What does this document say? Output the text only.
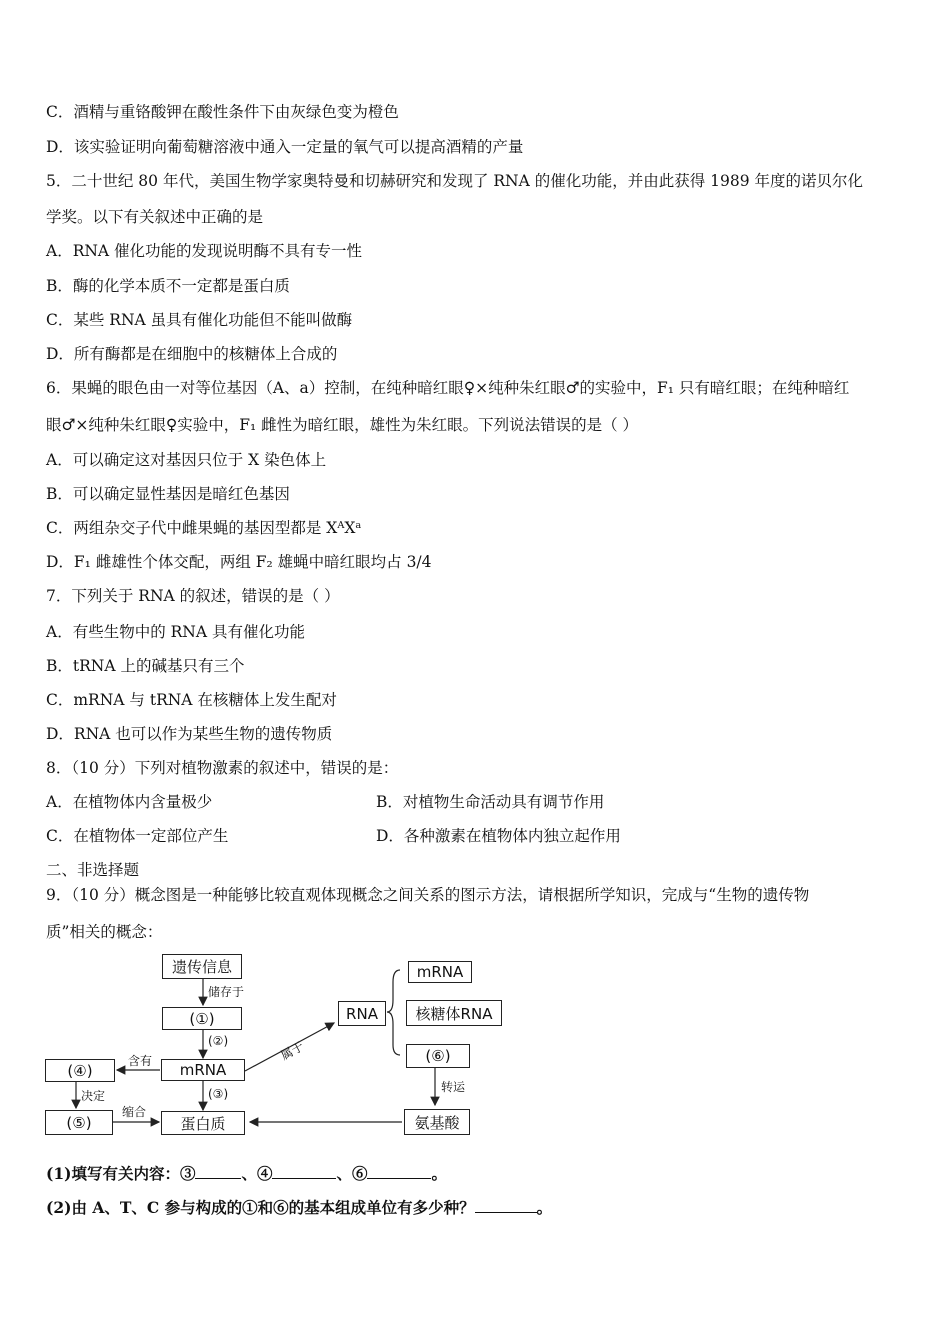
C．酒精与重铬酸钾在酸性条件下由灰绿色变为橙色
D．该实验证明向葡萄糖溶液中通入一定量的氧气可以提高酒精的产量
5．二十世纪 80 年代，美国生物学家奥特曼和切赫研究和发现了 RNA 的催化功能，并由此获得 1989 年度的诺贝尔化
学奖。以下有关叙述中正确的是
A．RNA 催化功能的发现说明酶不具有专一性
B．酶的化学本质不一定都是蛋白质
C．某些 RNA 虽具有催化功能但不能叫做酶
D．所有酶都是在细胞中的核糖体上合成的
6．果蝇的眼色由一对等位基因（A、a）控制，在纯种暗红眼♀×纯种朱红眼♂的实验中，F₁ 只有暗红眼；在纯种暗红
眼♂×纯种朱红眼♀实验中，F₁ 雌性为暗红眼，雄性为朱红眼。下列说法错误的是（ ）
A．可以确定这对基因只位于 X 染色体上
B．可以确定显性基因是暗红色基因
C．两组杂交子代中雌果蝇的基因型都是 XᴬXᵃ
D．F₁ 雌雄性个体交配，两组 F₂ 雄蝇中暗红眼均占 3/4
7．下列关于 RNA 的叙述，错误的是（ ）
A．有些生物中的 RNA 具有催化功能
B．tRNA 上的碱基只有三个
C．mRNA 与 tRNA 在核糖体上发生配对
D．RNA 也可以作为某些生物的遗传物质
8．（10 分）下列对植物激素的叙述中，错误的是：
A．在植物体内含量极少	B．对植物生命活动具有调节作用
C．在植物体一定部位产生	D．各种激素在植物体内独立起作用
二、非选择题
9．（10 分）概念图是一种能够比较直观体现概念之间关系的图示方法，请根据所学知识，完成与“生物的遗传物
质”相关的概念：
遗传信息
储存于
(①)
(②)
mRNA
含有
(④)
决定
(⑤)
缩合
(③)
蛋白质
属于
RNA
mRNA
核糖体RNA
(⑥)
转运
氨基酸
(1)填写有关内容：③	、④	、⑥	。
(2)由 A、T、C 参与构成的①和⑥的基本组成单位有多少种？	。
